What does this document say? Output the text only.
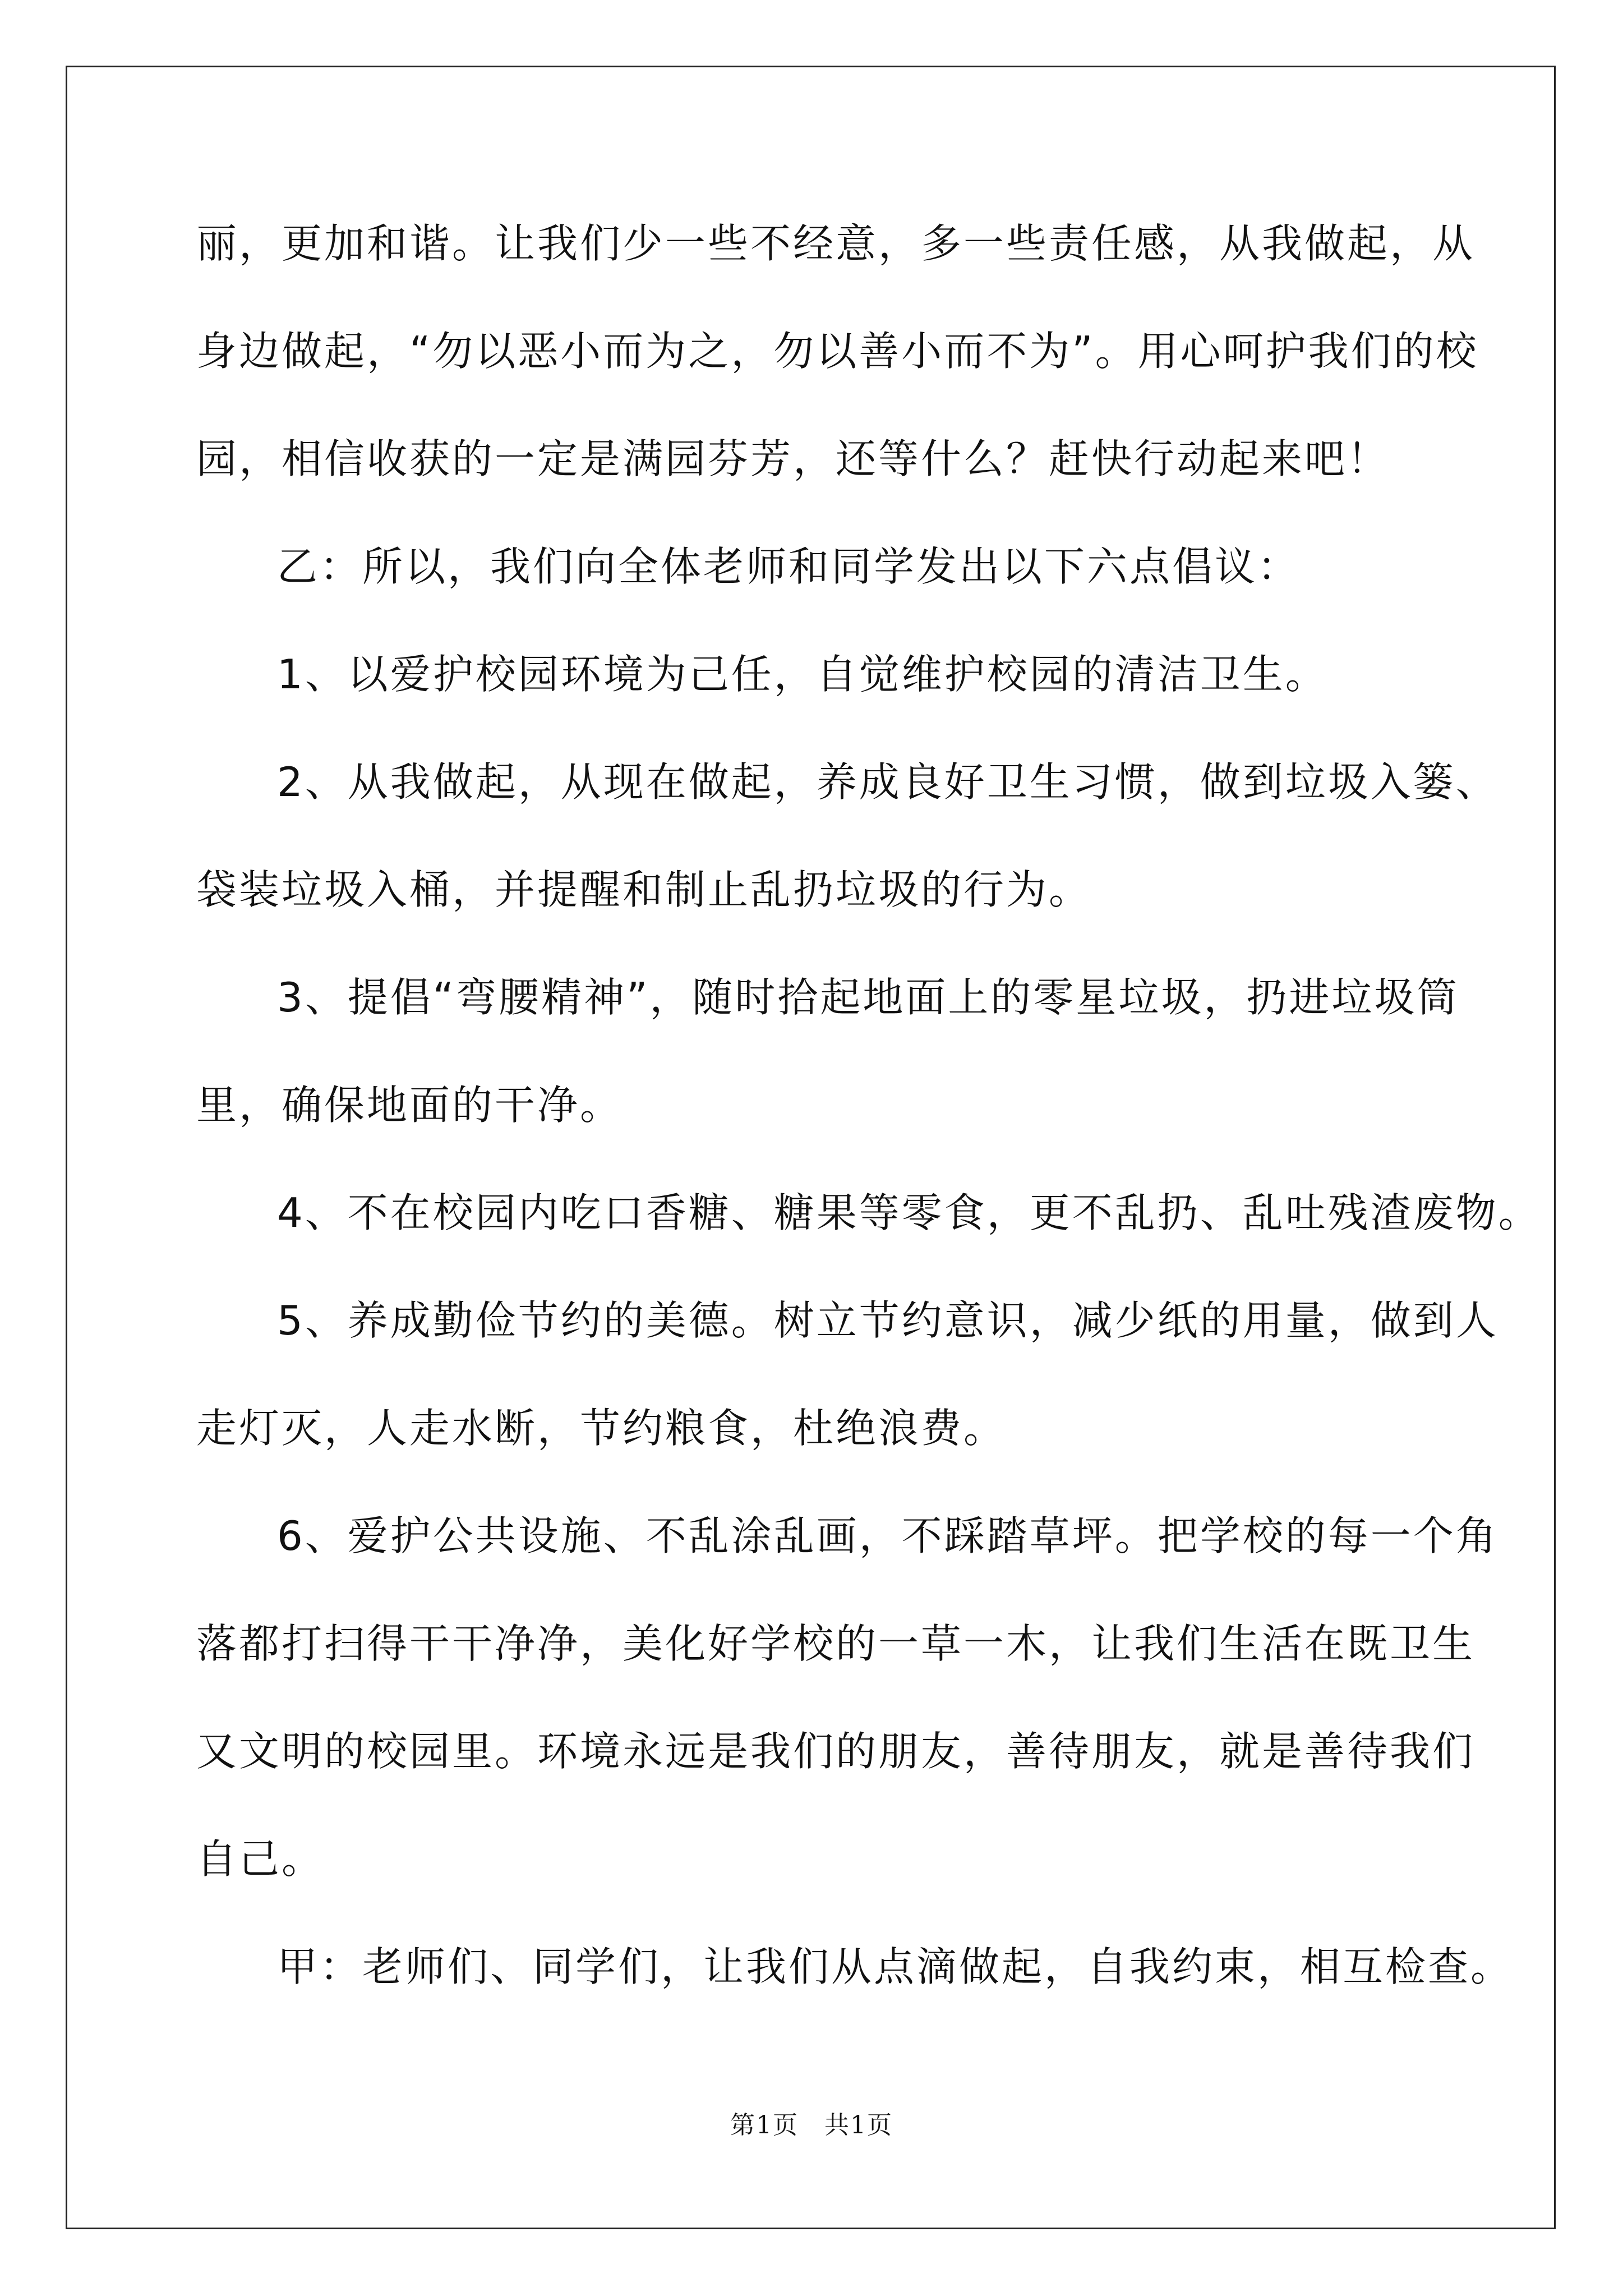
丽，更加和谐。让我们少一些不经意，多一些责任感，从我做起，从

身边做起，“勿以恶小而为之，勿以善小而不为”。用心呵护我们的校

园，相信收获的一定是满园芬芳，还等什么？赶快行动起来吧！

乙：所以，我们向全体老师和同学发出以下六点倡议：

1、以爱护校园环境为己任，自觉维护校园的清洁卫生。

2、从我做起，从现在做起，养成良好卫生习惯，做到垃圾入篓、

袋装垃圾入桶，并提醒和制止乱扔垃圾的行为。

3、提倡“弯腰精神”，随时拾起地面上的零星垃圾，扔进垃圾筒

里，确保地面的干净。

4、不在校园内吃口香糖、糖果等零食，更不乱扔、乱吐残渣废物。

5、养成勤俭节约的美德。树立节约意识，减少纸的用量，做到人

走灯灭，人走水断，节约粮食，杜绝浪费。

6、爱护公共设施、不乱涂乱画，不踩踏草坪。把学校的每一个角

落都打扫得干干净净，美化好学校的一草一木，让我们生活在既卫生

又文明的校园里。环境永远是我们的朋友，善待朋友，就是善待我们

自己。

甲：老师们、同学们，让我们从点滴做起，自我约束，相互检查。

第1页　共1页
